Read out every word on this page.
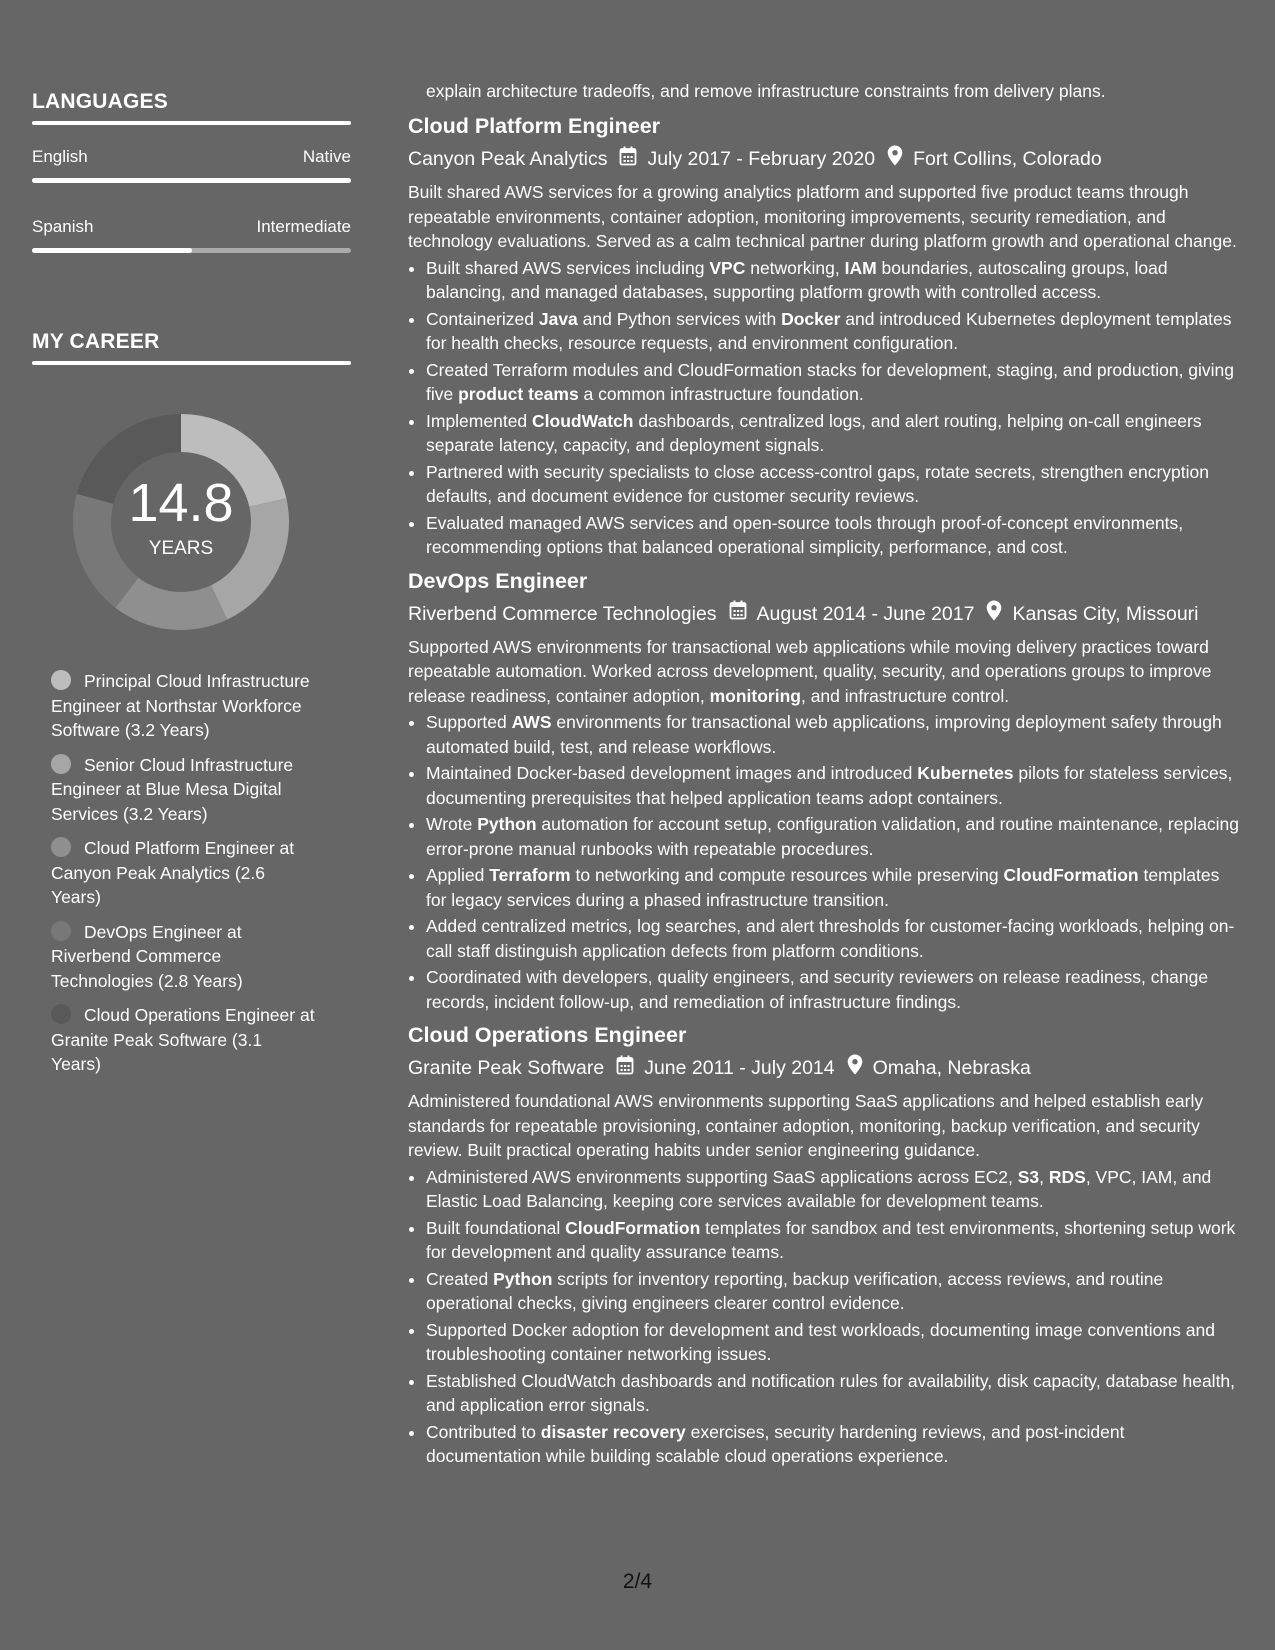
LANGUAGES
English	Native
Spanish	Intermediate
MY CAREER
14.8
YEARS
Principal Cloud Infrastructure Engineer at Northstar Workforce Software (3.2 Years)
Senior Cloud Infrastructure Engineer at Blue Mesa Digital Services (3.2 Years)
Cloud Platform Engineer at Canyon Peak Analytics (2.6 Years)
DevOps Engineer at Riverbend Commerce Technologies (2.8 Years)
Cloud Operations Engineer at Granite Peak Software (3.1 Years)

explain architecture tradeoffs, and remove infrastructure constraints from delivery plans.

Cloud Platform Engineer
Canyon Peak Analytics July 2017 - February 2020 Fort Collins, Colorado

Built shared AWS services for a growing analytics platform and supported five product teams through repeatable environments, container adoption, monitoring improvements, security remediation, and technology evaluations. Served as a calm technical partner during platform growth and operational change.

• Built shared AWS services including VPC networking, IAM boundaries, autoscaling groups, load balancing, and managed databases, supporting platform growth with controlled access.
• Containerized Java and Python services with Docker and introduced Kubernetes deployment templates for health checks, resource requests, and environment configuration.
• Created Terraform modules and CloudFormation stacks for development, staging, and production, giving five product teams a common infrastructure foundation.
• Implemented CloudWatch dashboards, centralized logs, and alert routing, helping on-call engineers separate latency, capacity, and deployment signals.
• Partnered with security specialists to close access-control gaps, rotate secrets, strengthen encryption defaults, and document evidence for customer security reviews.
• Evaluated managed AWS services and open-source tools through proof-of-concept environments, recommending options that balanced operational simplicity, performance, and cost.
DevOps Engineer
Riverbend Commerce Technologies August 2014 - June 2017 Kansas City, Missouri

Supported AWS environments for transactional web applications while moving delivery practices toward repeatable automation. Worked across development, quality, security, and operations groups to improve release readiness, container adoption, monitoring, and infrastructure control.

• Supported AWS environments for transactional web applications, improving deployment safety through automated build, test, and release workflows.
• Maintained Docker-based development images and introduced Kubernetes pilots for stateless services, documenting prerequisites that helped application teams adopt containers.
• Wrote Python automation for account setup, configuration validation, and routine maintenance, replacing error-prone manual runbooks with repeatable procedures.
• Applied Terraform to networking and compute resources while preserving CloudFormation templates for legacy services during a phased infrastructure transition.
• Added centralized metrics, log searches, and alert thresholds for customer-facing workloads, helping on-call staff distinguish application defects from platform conditions.
• Coordinated with developers, quality engineers, and security reviewers on release readiness, change records, incident follow-up, and remediation of infrastructure findings.
Cloud Operations Engineer
Granite Peak Software June 2011 - July 2014 Omaha, Nebraska

Administered foundational AWS environments supporting SaaS applications and helped establish early standards for repeatable provisioning, container adoption, monitoring, backup verification, and security review. Built practical operating habits under senior engineering guidance.

• Administered AWS environments supporting SaaS applications across EC2, S3, RDS, VPC, IAM, and Elastic Load Balancing, keeping core services available for development teams.
• Built foundational CloudFormation templates for sandbox and test environments, shortening setup work for development and quality assurance teams.
• Created Python scripts for inventory reporting, backup verification, access reviews, and routine operational checks, giving engineers clearer control evidence.
• Supported Docker adoption for development and test workloads, documenting image conventions and troubleshooting container networking issues.
• Established CloudWatch dashboards and notification rules for availability, disk capacity, database health, and application error signals.
• Contributed to disaster recovery exercises, security hardening reviews, and post-incident documentation while building scalable cloud operations experience.
2/4
